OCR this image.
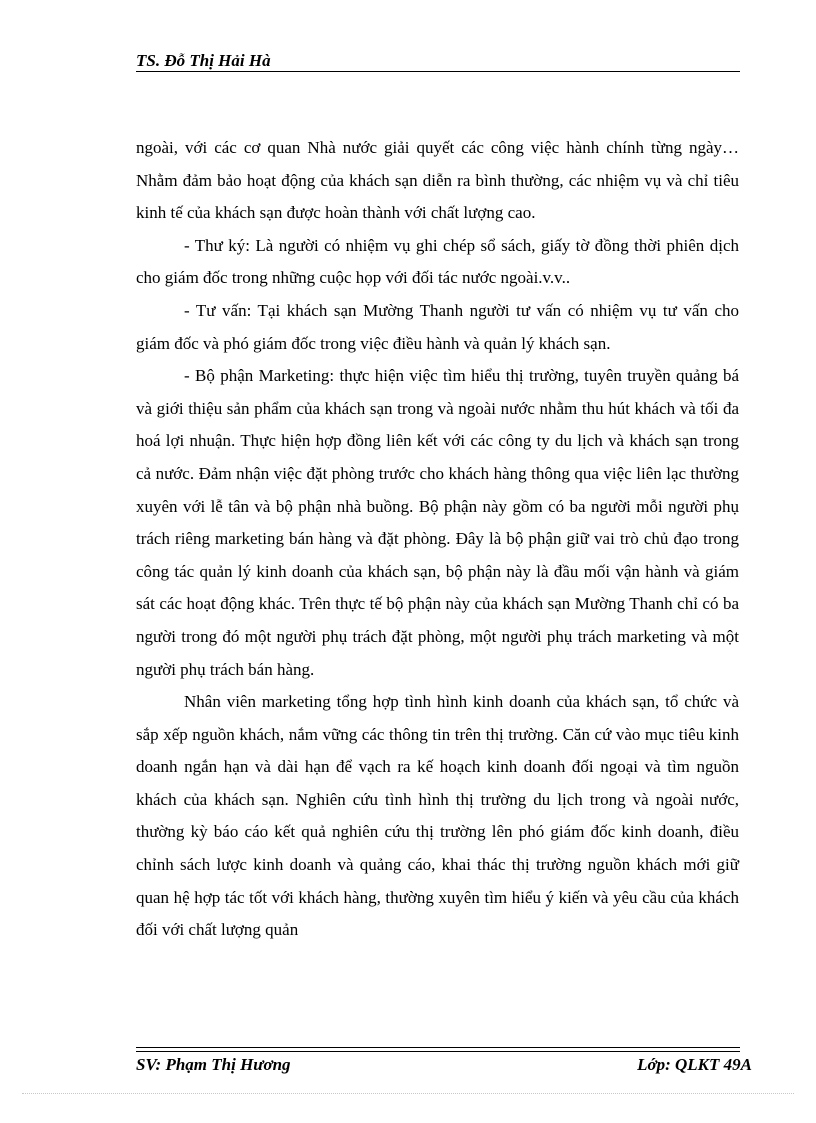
TS. Đỗ Thị Hải Hà

ngoài, với các cơ quan Nhà nước giải quyết các công việc hành chính từng ngày… Nhằm đảm bảo hoạt động của khách sạn diễn ra bình thường, các nhiệm vụ và chỉ tiêu kinh tế của khách sạn được hoàn thành với chất lượng cao.

- Thư ký: Là người có nhiệm vụ ghi chép sổ sách, giấy tờ đồng thời phiên dịch cho giám đốc trong những cuộc họp với đối tác nước ngoài.v.v..

- Tư vấn: Tại khách sạn Mường Thanh người tư vấn có nhiệm vụ tư vấn cho giám đốc và phó giám đốc trong việc điều hành và quản lý khách sạn.

- Bộ phận Marketing: thực hiện việc tìm hiểu thị trường, tuyên truyền quảng bá và giới thiệu sản phẩm của khách sạn trong và ngoài nước nhằm thu hút khách và tối đa hoá lợi nhuận. Thực hiện hợp đồng liên kết với các công ty du lịch và khách sạn trong cả nước. Đảm nhận việc đặt phòng trước cho khách hàng thông qua việc liên lạc thường xuyên với lễ tân và bộ phận nhà buồng. Bộ phận này gồm có ba người mỗi người phụ trách riêng marketing bán hàng và đặt phòng. Đây là bộ phận giữ vai trò chủ đạo trong công tác quản lý kinh doanh của khách sạn, bộ phận này là đầu mối vận hành và giám sát các hoạt động khác. Trên thực tế bộ phận này của khách sạn Mường Thanh chỉ có ba người trong đó một người phụ trách đặt phòng, một người phụ trách marketing và một người phụ trách bán hàng.

Nhân viên marketing tổng hợp tình hình kinh doanh của khách sạn, tổ chức và sắp xếp nguồn khách, nắm vững các thông tin trên thị trường. Căn cứ vào mục tiêu kinh doanh ngắn hạn và dài hạn để vạch ra kế hoạch kinh doanh đối ngoại và tìm nguồn khách của khách sạn. Nghiên cứu tình hình thị trường du lịch trong và ngoài nước, thường kỳ báo cáo kết quả nghiên cứu thị trường lên phó giám đốc kinh doanh, điều chỉnh sách lược kinh doanh và quảng cáo, khai thác thị trường nguồn khách mới giữ quan hệ hợp tác tốt với khách hàng, thường xuyên tìm hiểu ý kiến và yêu cầu của khách đối với chất lượng quản

SV: Phạm Thị Hương	Lớp: QLKT 49A
